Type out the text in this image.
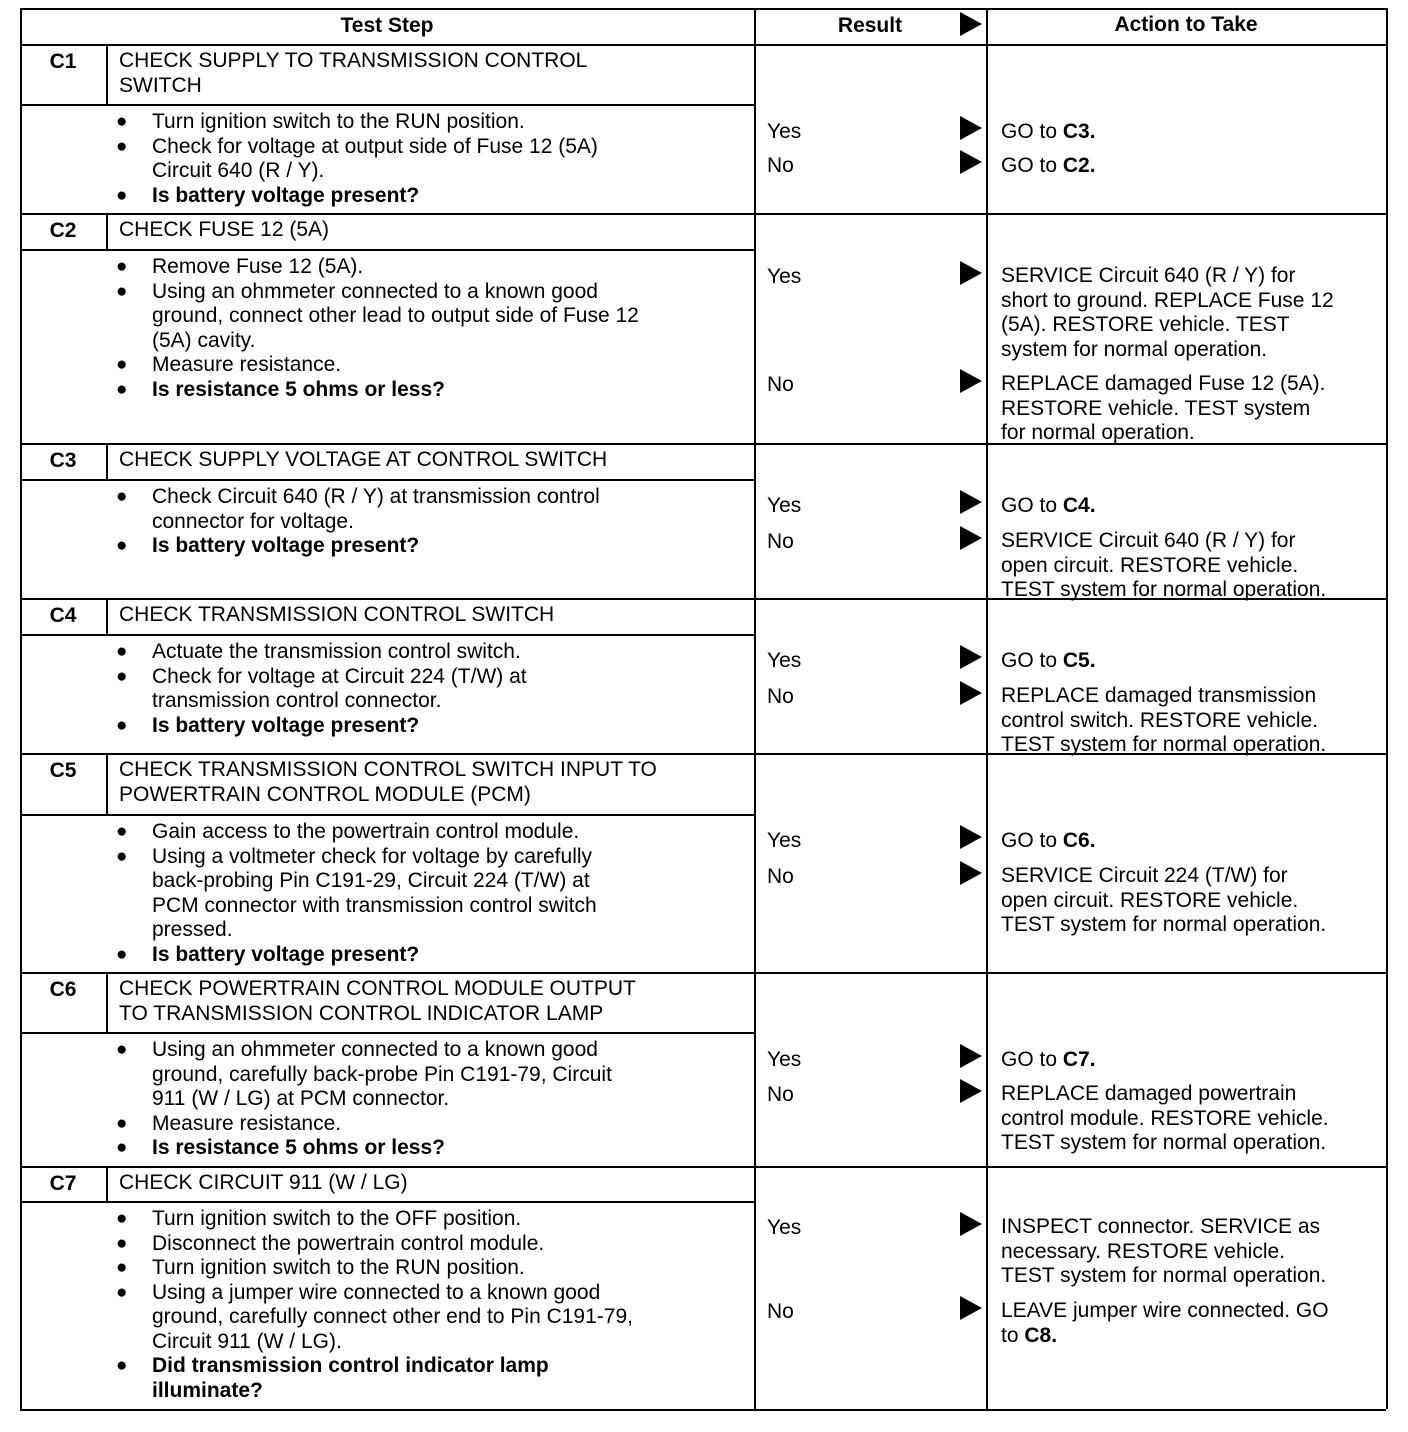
Test Step	Result	Action to Take
C1	CHECK SUPPLY TO TRANSMISSION CONTROL
SWITCH
● Turn ignition switch to the RUN position.
● Check for voltage at output side of Fuse 12 (5A)
Circuit 640 (R / Y).
● Is battery voltage present?
Yes	GO to C3.
No	GO to C2.
C2	CHECK FUSE 12 (5A)
● Remove Fuse 12 (5A).
● Using an ohmmeter connected to a known good
ground, connect other lead to output side of Fuse 12
(5A) cavity.
● Measure resistance.
● Is resistance 5 ohms or less?
Yes	SERVICE Circuit 640 (R / Y) for
short to ground. REPLACE Fuse 12
(5A). RESTORE vehicle. TEST
system for normal operation.
No	REPLACE damaged Fuse 12 (5A).
RESTORE vehicle. TEST system
for normal operation.
C3	CHECK SUPPLY VOLTAGE AT CONTROL SWITCH
● Check Circuit 640 (R / Y) at transmission control
connector for voltage.
● Is battery voltage present?
Yes	GO to C4.
No	SERVICE Circuit 640 (R / Y) for
open circuit. RESTORE vehicle.
TEST system for normal operation.
C4	CHECK TRANSMISSION CONTROL SWITCH
● Actuate the transmission control switch.
● Check for voltage at Circuit 224 (T/W) at
transmission control connector.
● Is battery voltage present?
Yes	GO to C5.
No	REPLACE damaged transmission
control switch. RESTORE vehicle.
TEST system for normal operation.
C5	CHECK TRANSMISSION CONTROL SWITCH INPUT TO
POWERTRAIN CONTROL MODULE (PCM)
● Gain access to the powertrain control module.
● Using a voltmeter check for voltage by carefully
back-probing Pin C191-29, Circuit 224 (T/W) at
PCM connector with transmission control switch
pressed.
● Is battery voltage present?
Yes	GO to C6.
No	SERVICE Circuit 224 (T/W) for
open circuit. RESTORE vehicle.
TEST system for normal operation.
C6	CHECK POWERTRAIN CONTROL MODULE OUTPUT
TO TRANSMISSION CONTROL INDICATOR LAMP
● Using an ohmmeter connected to a known good
ground, carefully back-probe Pin C191-79, Circuit
911 (W / LG) at PCM connector.
● Measure resistance.
● Is resistance 5 ohms or less?
Yes	GO to C7.
No	REPLACE damaged powertrain
control module. RESTORE vehicle.
TEST system for normal operation.
C7	CHECK CIRCUIT 911 (W / LG)
● Turn ignition switch to the OFF position.
● Disconnect the powertrain control module.
● Turn ignition switch to the RUN position.
● Using a jumper wire connected to a known good
ground, carefully connect other end to Pin C191-79,
Circuit 911 (W / LG).
● Did transmission control indicator lamp
illuminate?
Yes	INSPECT connector. SERVICE as
necessary. RESTORE vehicle.
TEST system for normal operation.
No	LEAVE jumper wire connected. GO
to C8.
